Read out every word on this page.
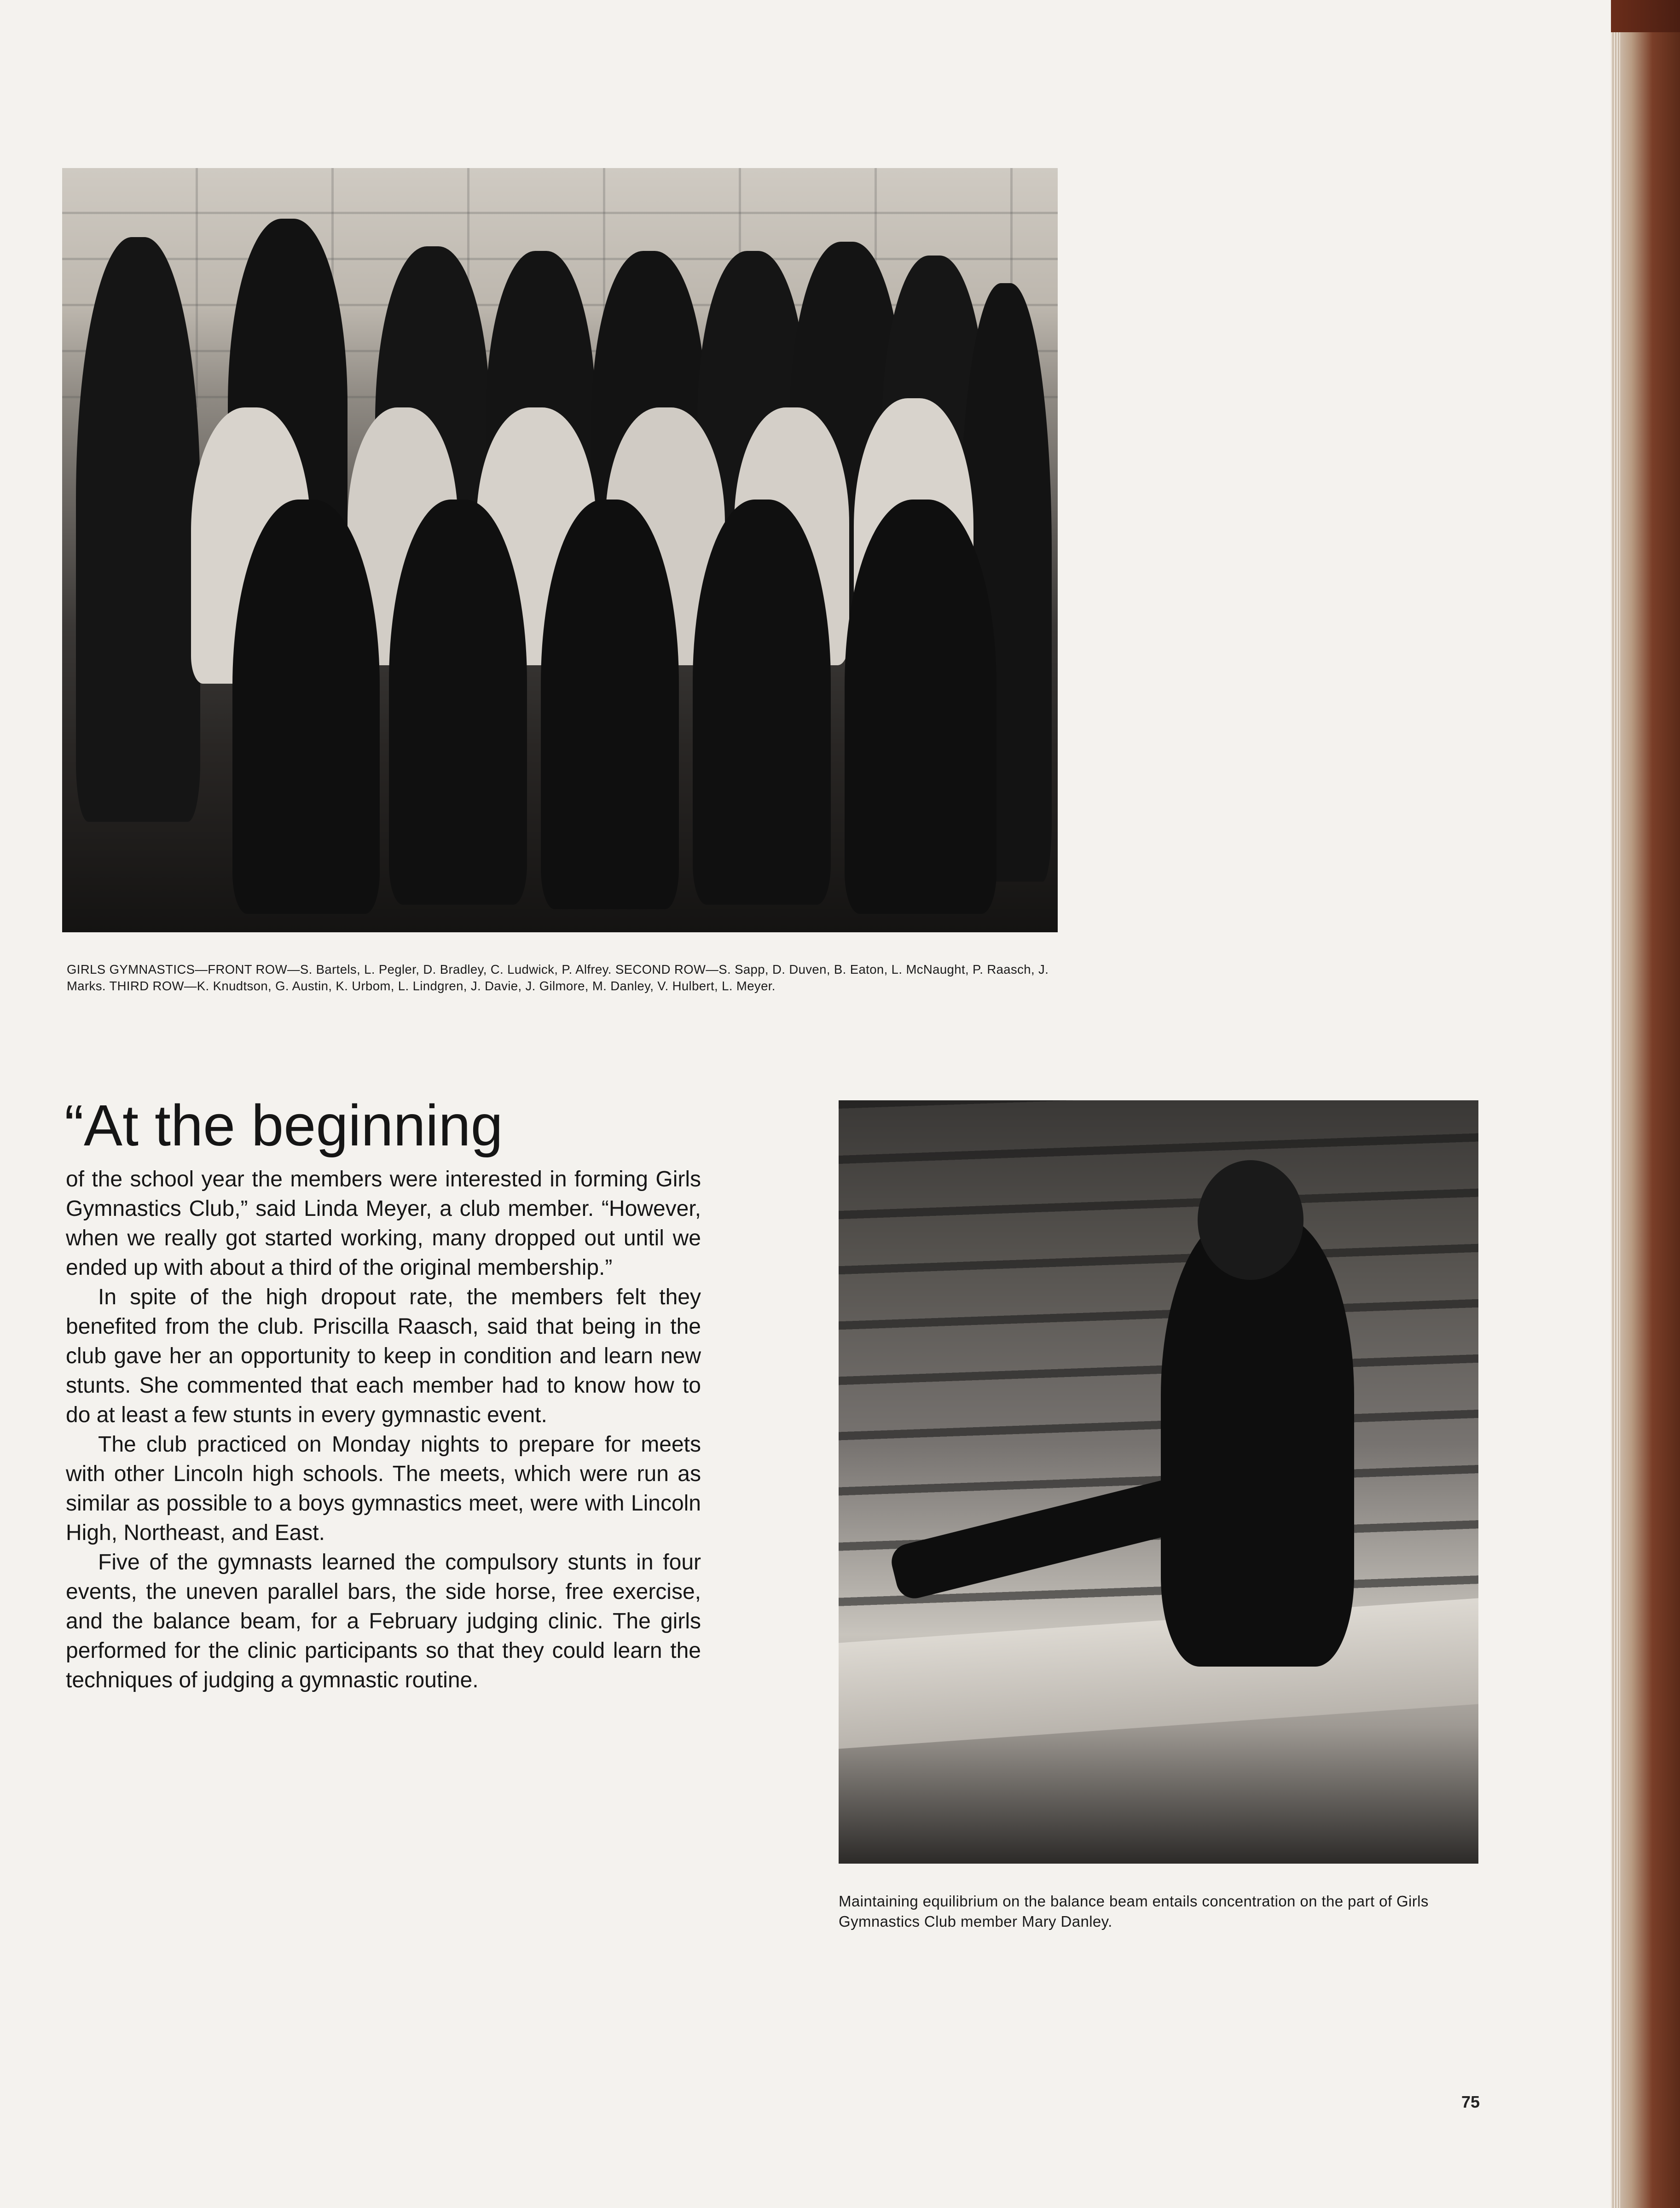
GIRLS GYMNASTICS—FRONT ROW—S. Bartels, L. Pegler, D. Bradley, C. Ludwick, P. Alfrey. SECOND ROW—S. Sapp, D. Duven, B. Eaton, L. McNaught, P. Raasch, J. Marks. THIRD ROW—K. Knudtson, G. Austin, K. Urbom, L. Lindgren, J. Davie, J. Gilmore, M. Danley, V. Hulbert, L. Meyer.
“At the beginning

of the school year the members were interested in forming Girls Gymnastics Club,” said Linda Meyer, a club member. “However, when we really got started working, many dropped out until we ended up with about a third of the original membership.”

In spite of the high dropout rate, the members felt they benefited from the club. Priscilla Raasch, said that being in the club gave her an opportunity to keep in condition and learn new stunts. She commented that each member had to know how to do at least a few stunts in every gymnastic event.

The club practiced on Monday nights to prepare for meets with other Lincoln high schools. The meets, which were run as similar as possible to a boys gymnastics meet, were with Lincoln High, Northeast, and East.

Five of the gymnasts learned the compulsory stunts in four events, the uneven parallel bars, the side horse, free exercise, and the balance beam, for a February judging clinic. The girls performed for the clinic participants so that they could learn the techniques of judging a gymnastic routine.

Maintaining equilibrium on the balance beam entails concentration on the part of Girls Gymnastics Club member Mary Danley.
75
